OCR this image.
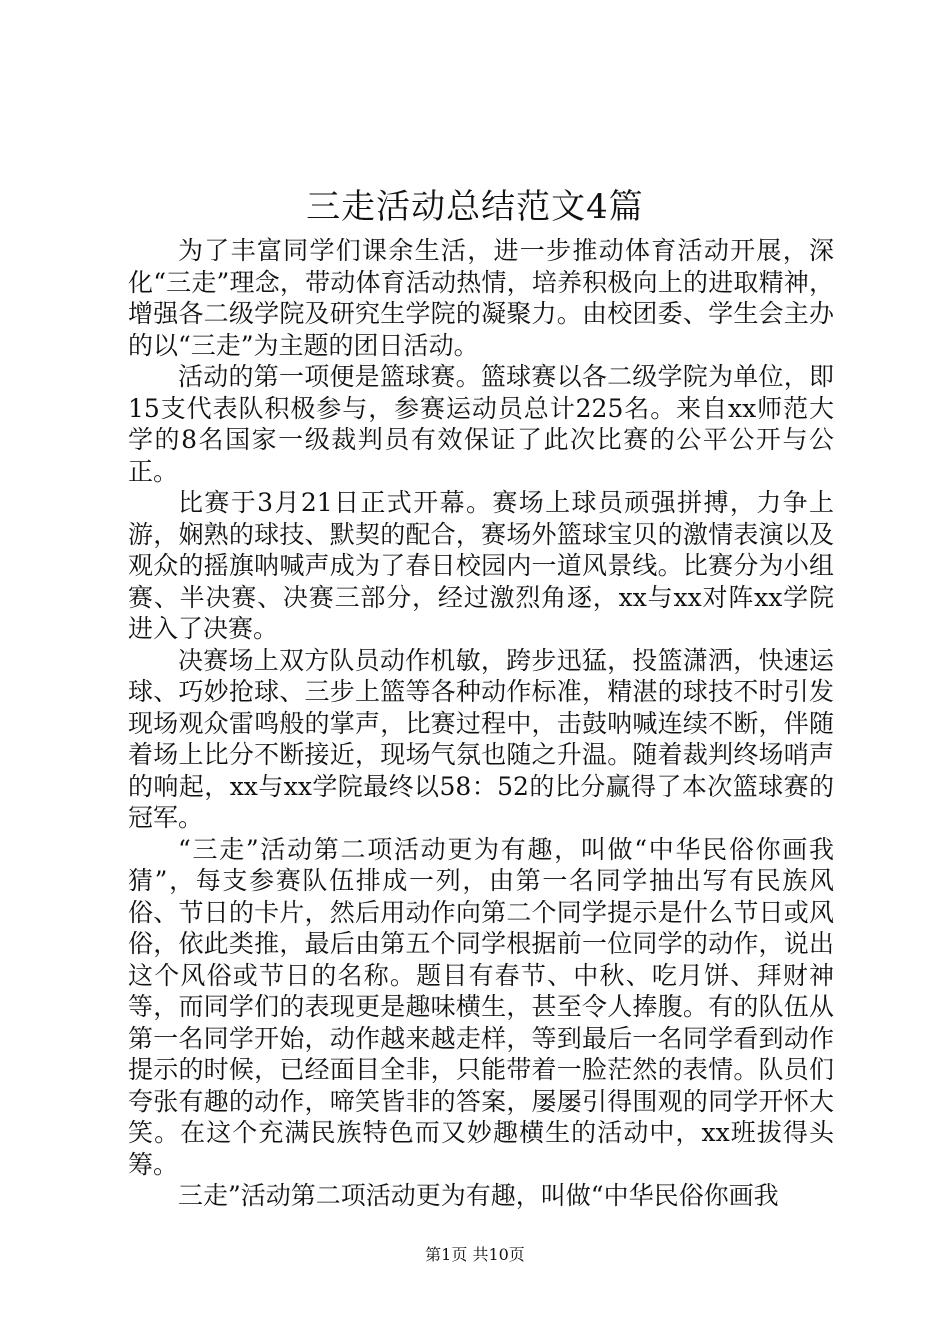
三走活动总结范文4篇

为了丰富同学们课余生活，进一步推动体育活动开展，深化“三走”理念，带动体育活动热情，培养积极向上的进取精神，增强各二级学院及研究生学院的凝聚力。由校团委、学生会主办的以“三走”为主题的团日活动。

活动的第一项便是篮球赛。篮球赛以各二级学院为单位，即15支代表队积极参与，参赛运动员总计225名。来自xx师范大学的8名国家一级裁判员有效保证了此次比赛的公平公开与公正。

比赛于3月21日正式开幕。赛场上球员顽强拼搏，力争上游，娴熟的球技、默契的配合，赛场外篮球宝贝的激情表演以及观众的摇旗呐喊声成为了春日校园内一道风景线。比赛分为小组赛、半决赛、决赛三部分，经过激烈角逐，xx与xx对阵xx学院进入了决赛。

决赛场上双方队员动作机敏，跨步迅猛，投篮潇洒，快速运球、巧妙抢球、三步上篮等各种动作标准，精湛的球技不时引发现场观众雷鸣般的掌声，比赛过程中，击鼓呐喊连续不断，伴随着场上比分不断接近，现场气氛也随之升温。随着裁判终场哨声的响起，xx与xx学院最终以58：52的比分赢得了本次篮球赛的冠军。

“三走”活动第二项活动更为有趣，叫做“中华民俗你画我猜”，每支参赛队伍排成一列，由第一名同学抽出写有民族风俗、节日的卡片，然后用动作向第二个同学提示是什么节日或风俗，依此类推，最后由第五个同学根据前一位同学的动作，说出这个风俗或节日的名称。题目有春节、中秋、吃月饼、拜财神等，而同学们的表现更是趣味横生，甚至令人捧腹。有的队伍从第一名同学开始，动作越来越走样，等到最后一名同学看到动作提示的时候，已经面目全非，只能带着一脸茫然的表情。队员们夸张有趣的动作，啼笑皆非的答案，屡屡引得围观的同学开怀大笑。在这个充满民族特色而又妙趣横生的活动中，xx班拔得头筹。

三走”活动第二项活动更为有趣，叫做“中华民俗你画我

第1页 共10页
